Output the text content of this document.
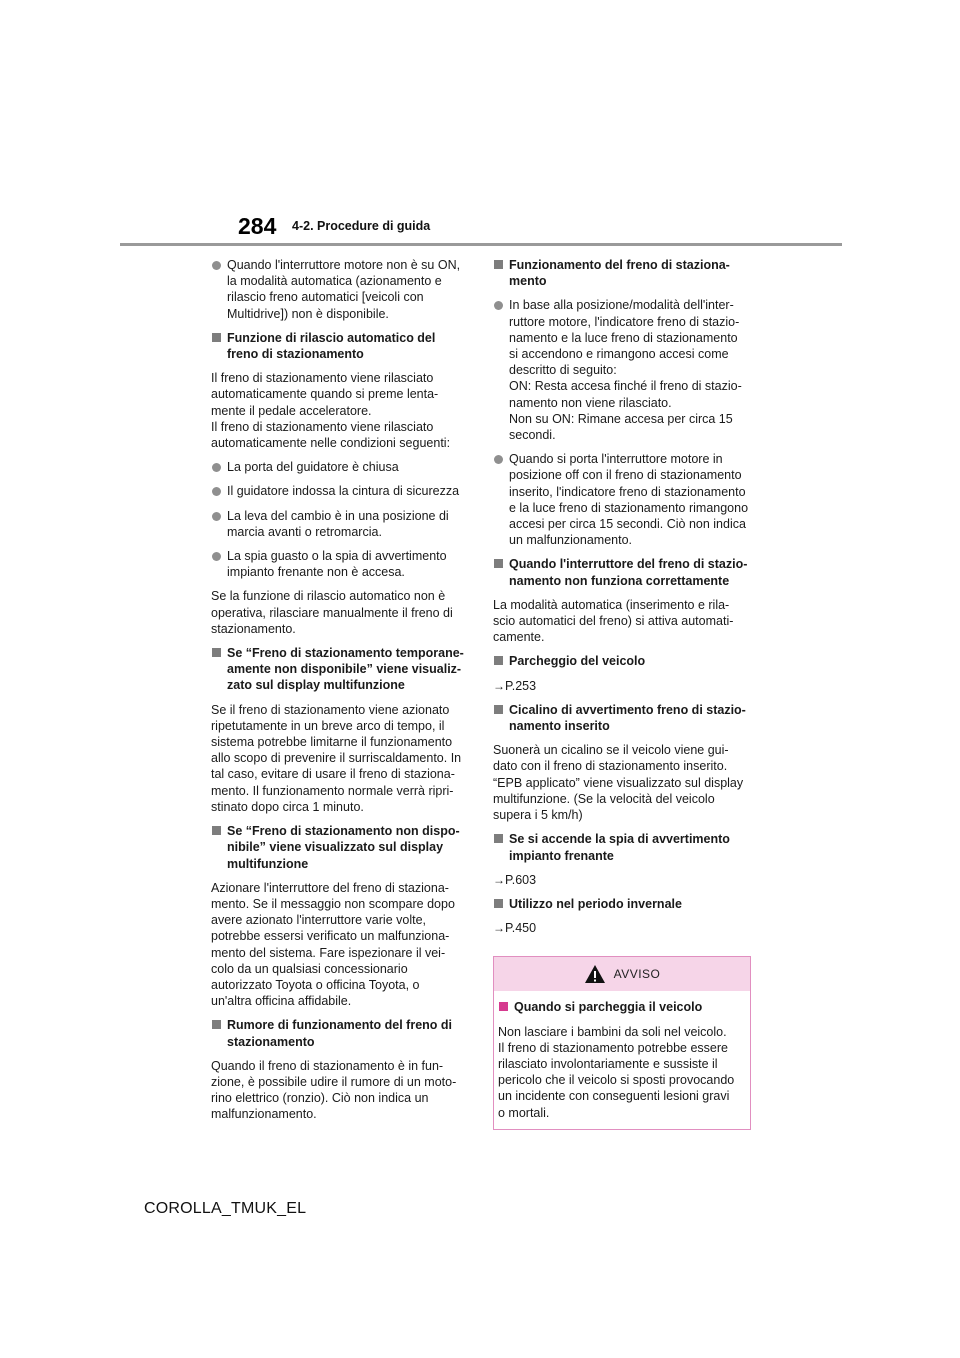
284 4-2. Procedure di guida
Quando l'interruttore motore non è su ON,
la modalità automatica (azionamento e
rilascio freno automatici [veicoli con
Multidrive]) non è disponibile.
Funzione di rilascio automatico del
freno di stazionamento
Il freno di stazionamento viene rilasciato
automaticamente quando si preme lenta-
mente il pedale acceleratore.
Il freno di stazionamento viene rilasciato
automaticamente nelle condizioni seguenti:
La porta del guidatore è chiusa
Il guidatore indossa la cintura di sicurezza
La leva del cambio è in una posizione di
marcia avanti o retromarcia.
La spia guasto o la spia di avvertimento
impianto frenante non è accesa.
Se la funzione di rilascio automatico non è
operativa, rilasciare manualmente il freno di
stazionamento.
Se “Freno di stazionamento temporane-
amente non disponibile” viene visualiz-
zato sul display multifunzione
Se il freno di stazionamento viene azionato
ripetutamente in un breve arco di tempo, il
sistema potrebbe limitarne il funzionamento
allo scopo di prevenire il surriscaldamento. In
tal caso, evitare di usare il freno di staziona-
mento. Il funzionamento normale verrà ripri-
stinato dopo circa 1 minuto.
Se “Freno di stazionamento non dispo-
nibile” viene visualizzato sul display
multifunzione
Azionare l'interruttore del freno di staziona-
mento. Se il messaggio non scompare dopo
avere azionato l'interruttore varie volte,
potrebbe essersi verificato un malfunziona-
mento del sistema. Fare ispezionare il vei-
colo da un qualsiasi concessionario
autorizzato Toyota o officina Toyota, o
un'altra officina affidabile.
Rumore di funzionamento del freno di
stazionamento
Quando il freno di stazionamento è in fun-
zione, è possibile udire il rumore di un moto-
rino elettrico (ronzio). Ciò non indica un
malfunzionamento.
Funzionamento del freno di staziona-
mento
In base alla posizione/modalità dell'inter-
ruttore motore, l'indicatore freno di stazio-
namento e la luce freno di stazionamento
si accendono e rimangono accesi come
descritto di seguito:
ON: Resta accesa finché il freno di stazio-
namento non viene rilasciato.
Non su ON: Rimane accesa per circa 15
secondi.
Quando si porta l'interruttore motore in
posizione off con il freno di stazionamento
inserito, l'indicatore freno di stazionamento
e la luce freno di stazionamento rimangono
accesi per circa 15 secondi. Ciò non indica
un malfunzionamento.
Quando l'interruttore del freno di stazio-
namento non funziona correttamente
La modalità automatica (inserimento e rila-
scio automatici del freno) si attiva automati-
camente.
Parcheggio del veicolo
→P.253
Cicalino di avvertimento freno di stazio-
namento inserito
Suonerà un cicalino se il veicolo viene gui-
dato con il freno di stazionamento inserito.
“EPB applicato” viene visualizzato sul display
multifunzione. (Se la velocità del veicolo
supera i 5 km/h)
Se si accende la spia di avvertimento
impianto frenante
→P.603
Utilizzo nel periodo invernale
→P.450
AVVISO
Quando si parcheggia il veicolo
Non lasciare i bambini da soli nel veicolo.
Il freno di stazionamento potrebbe essere
rilasciato involontariamente e sussiste il
pericolo che il veicolo si sposti provocando
un incidente con conseguenti lesioni gravi
o mortali.
COROLLA_TMUK_EL
